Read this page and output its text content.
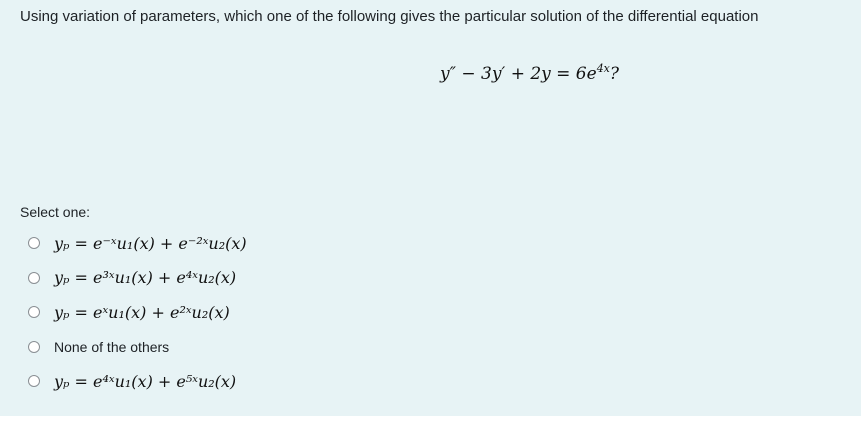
Using variation of parameters, which one of the following gives the particular solution of the differential equation
$y'' - 3y' + 2y = 6e^{4x}$?
Select one:
yₚ = e⁻ˣu₁(x) + e⁻²ˣu₂(x)
yₚ = e³ˣu₁(x) + e⁴ˣu₂(x)
yₚ = eˣu₁(x) + e²ˣu₂(x)
None of the others
yₚ = e⁴ˣu₁(x) + e⁵ˣu₂(x)
